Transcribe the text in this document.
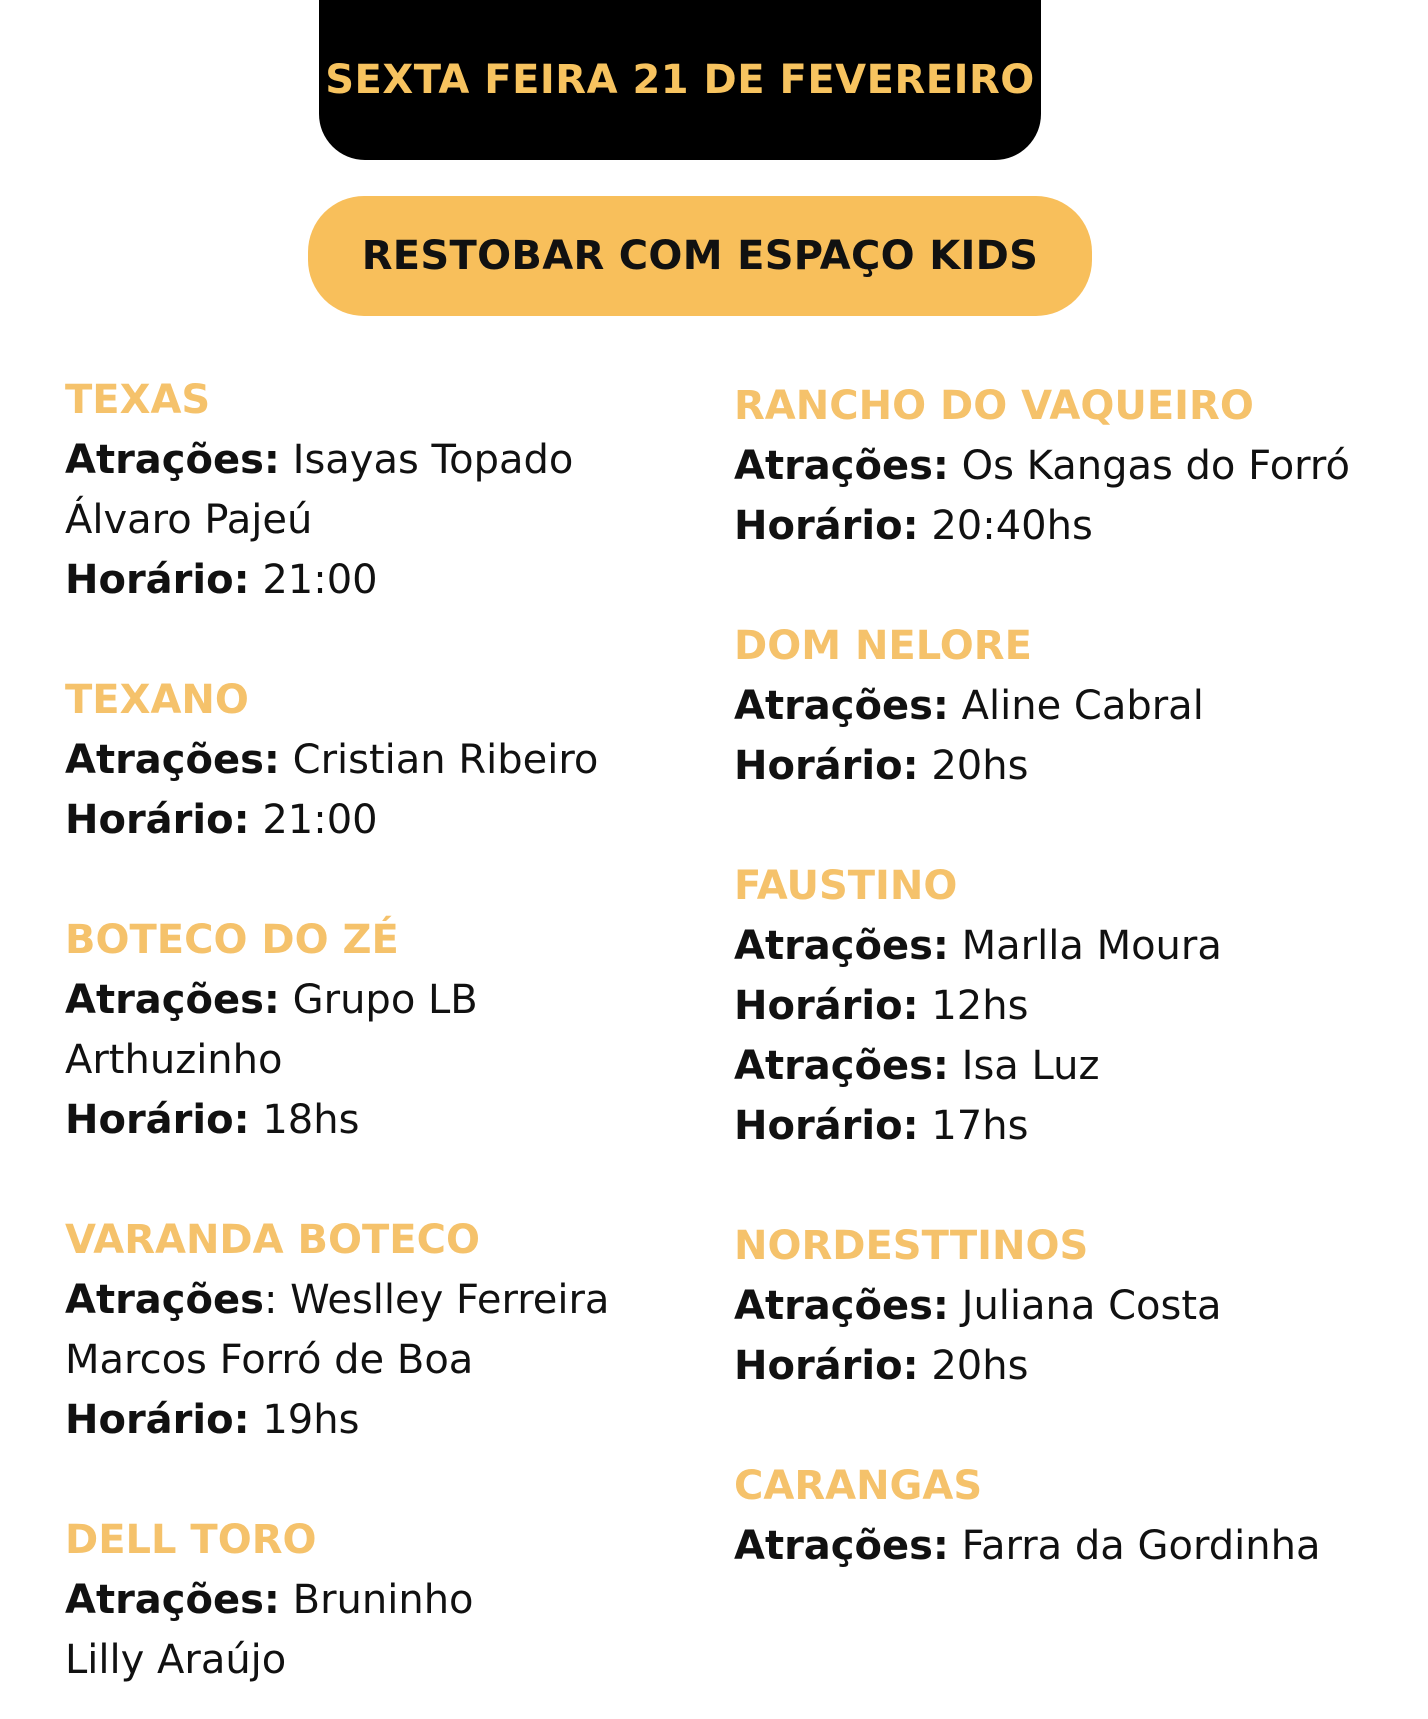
SEXTA FEIRA 21 DE FEVEREIRO
RESTOBAR COM ESPAÇO KIDS
TEXAS
Atrações: Isayas Topado
Álvaro Pajeú
Horário: 21:00
TEXANO
Atrações: Cristian Ribeiro
Horário: 21:00
BOTECO DO ZÉ
Atrações: Grupo LB
Arthuzinho
Horário: 18hs
VARANDA BOTECO
Atrações: Weslley Ferreira
Marcos Forró de Boa
Horário: 19hs
DELL TORO
Atrações: Bruninho
Lilly Araújo
RANCHO DO VAQUEIRO
Atrações: Os Kangas do Forró
Horário: 20:40hs
DOM NELORE
Atrações: Aline Cabral
Horário: 20hs
FAUSTINO
Atrações: Marlla Moura
Horário: 12hs
Atrações: Isa Luz
Horário: 17hs
NORDESTTINOS
Atrações: Juliana Costa
Horário: 20hs
CARANGAS
Atrações: Farra da Gordinha
